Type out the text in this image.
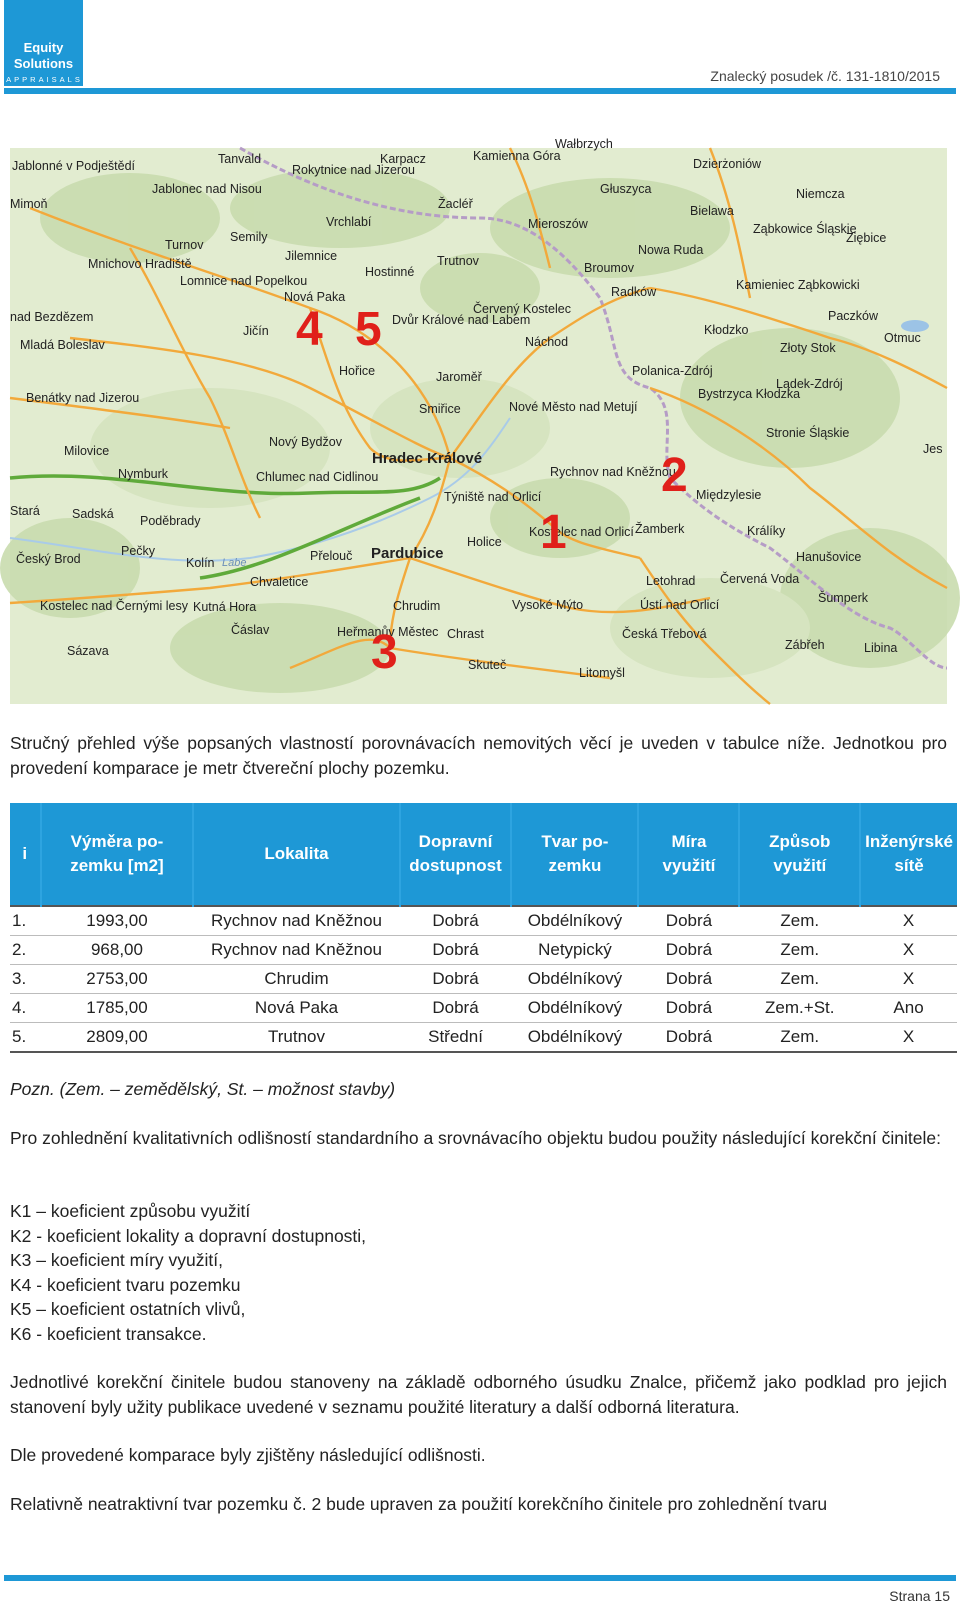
Equity
Solutions
APPRAISALS	Znalecký posudek /č. 131-1810/2015
Jablonné v Podještědí	Tanvald
Rokytnice nad Jizerou
Karpacz	Kamienna Góra
Wałbrzych
Dzierżoniów
Jablonec nad Nisou
Žacléř
Głuszyca	Niemcza
Mimoň
Semily
Vrchlabí	Mieroszów
Bielawa
Ząbkowice Śląskie
Ziębice
Turnov
Jilemnice	Trutnov
Nowa Ruda
Mnichovo Hradiště
Lomnice nad Popelkou
Hostinné	Broumov
Kamieniec Ząbkowicki
Nová Paka	Radków
Dvůr Králové nad Labem
Červený Kostelec	Paczków
Mladá Boleslav
Jičín
Náchod
Kłodzko
Złoty Stok
Otmuc
Hořice	Jaroměř	Polanica-Zdrój
Lądek-Zdrój
Benátky nad Jizerou
Smiřice	Nové Město nad Metují
Bystrzyca Kłodzka
Stronie Śląskie
Nový Bydžov
Milovice	Hradec Králové
Rychnov nad Kněžnou
Nymburk	Chlumec nad Cidlinou
Týniště nad Orlicí	Międzylesie
Sadská Poděbrady
Kostelec nad Orlicí Žamberk	Králíky
Český Brod
Pečky
Kolín	Přelouč Pardubice
Holice
Hanušovice
Chvaletice	Letohrad Červená Voda
Kostelec nad Černými lesy Kutná Hora	Chrudim	Vysoké Mýto	Ústí nad Orlicí	Šumperk
Čáslav	Heřmanův Městec Chrast	Česká Třebová
Sázava
Skuteč
Zábřeh
Litomyšl
Libina
Labe
nad Bezdězem
Stará
Jes
1
2
3
4 5
Stručný přehled výše popsaných vlastností porovnávacích nemovitých věcí je uveden v tabulce níže. Jednotkou pro provedení komparace je metr čtvereční plochy pozemku.
i	Výměra po-zemku [m2]	Lokalita	Dopravní dostupnost	Tvar po-zemku	Míra využití	Způsob využití	Inženýrské sítě
1.	1993,00	Rychnov nad Kněžnou	Dobrá	Obdélníkový	Dobrá	Zem.	X
2.	968,00	Rychnov nad Kněžnou	Dobrá	Netypický	Dobrá	Zem.	X
3.	2753,00	Chrudim	Dobrá	Obdélníkový	Dobrá	Zem.	X
4.	1785,00	Nová Paka	Dobrá	Obdélníkový	Dobrá	Zem.+St.	Ano
5.	2809,00	Trutnov	Střední	Obdélníkový	Dobrá	Zem.	X
Pozn. (Zem. – zemědělský, St. – možnost stavby)
Pro zohlednění kvalitativních odlišností standardního a srovnávacího objektu budou použity následující korekční činitele:
K1 – koeficient způsobu využití
K2 - koeficient lokality a dopravní dostupnosti,
K3 – koeficient míry využití,
K4 - koeficient tvaru pozemku
K5 – koeficient ostatních vlivů,
K6 - koeficient transakce.
Jednotlivé korekční činitele budou stanoveny na základě odborného úsudku Znalce, přičemž jako podklad pro jejich stanovení byly užity publikace uvedené v seznamu použité literatury a další odborná literatura.
Dle provedené komparace byly zjištěny následující odlišnosti.
Relativně neatraktivní tvar pozemku č. 2 bude upraven za použití korekčního činitele pro zohlednění tvaru
Strana 15
